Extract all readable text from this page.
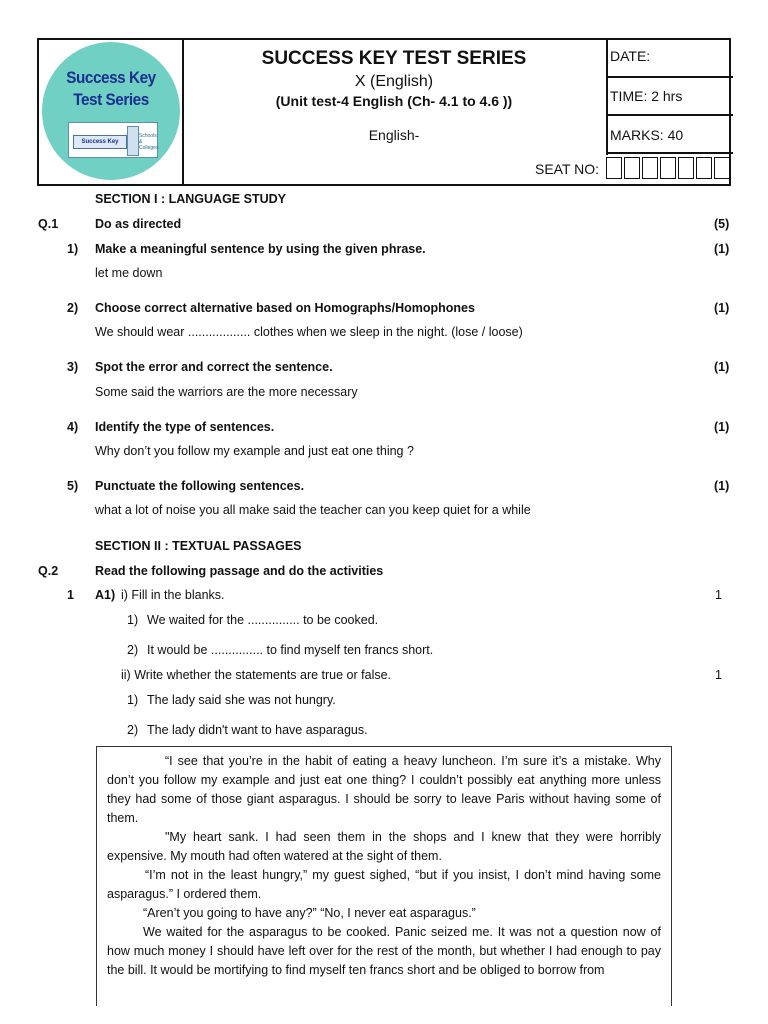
Success Key
Test Series
Success Key
Schools &
Colleges
SUCCESS KEY TEST SERIES
X (English)
(Unit test-4 English (Ch- 4.1 to 4.6 ))
English-
DATE:
TIME: 2 hrs
MARKS: 40
SEAT NO:
SECTION I : LANGUAGE STUDY
Q.1	Do as directed	(5)
1) Make a meaningful sentence by using the given phrase.	(1)
let me down
2) Choose correct alternative based on Homographs/Homophones	(1)
We should wear .................. clothes when we sleep in the night. (lose / loose)
3) Spot the error and correct the sentence.	(1)
Some said the warriors are the more necessary
4) Identify the type of sentences.	(1)
Why don’t you follow my example and just eat one thing ?
5) Punctuate the following sentences.	(1)
what a lot of noise you all make said the teacher can you keep quiet for a while
SECTION II : TEXTUAL PASSAGES
Q.2	Read the following passage and do the activities
1 A1) i) Fill in the blanks.	1
1) We waited for the ............... to be cooked.
2) It would be ............... to find myself ten francs short.
ii) Write whether the statements are true or false.	1
1) The lady said she was not hungry.
2) The lady didn't want to have asparagus.

“I see that you’re in the habit of eating a heavy luncheon. I’m sure it’s a mistake. Why don’t you follow my example and just eat one thing? I couldn’t possibly eat anything more unless they had some of those giant asparagus. I should be sorry to leave Paris without having some of them.

"My heart sank. I had seen them in the shops and I knew that they were horribly expensive. My mouth had often watered at the sight of them.

“I’m not in the least hungry,” my guest sighed, “but if you insist, I don’t mind having some asparagus.” I ordered them.

“Aren’t you going to have any?” “No, I never eat asparagus.”

We waited for the asparagus to be cooked. Panic seized me. It was not a question now of how much money I should have left over for the rest of the month, but whether I had enough to pay the bill. It would be mortifying to find myself ten francs short and be obliged to borrow from
